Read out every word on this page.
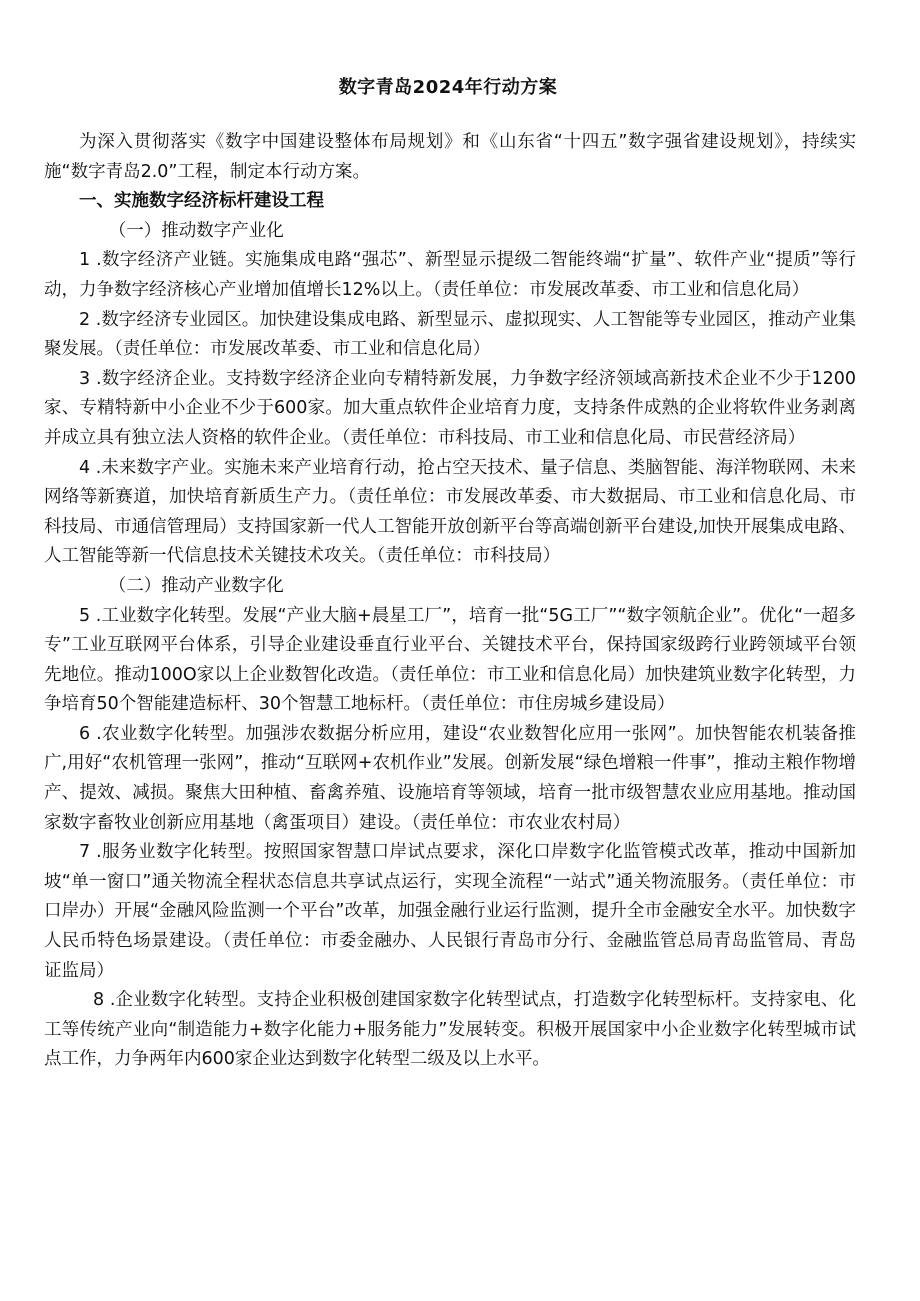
数字青岛2024年行动方案

为深入贯彻落实《数字中国建设整体布局规划》和《山东省“十四五”数字强省建设规划》，持续实施“数字青岛2.0”工程，制定本行动方案。

一、实施数字经济标杆建设工程

（一）推动数字产业化

1 .数字经济产业链。实施集成电路“强芯”、新型显示提级二智能终端“扩量”、软件产业“提质”等行动，力争数字经济核心产业增加值增长12%以上。（责任单位：市发展改革委、市工业和信息化局）

2 .数字经济专业园区。加快建设集成电路、新型显示、虚拟现实、人工智能等专业园区，推动产业集聚发展。（责任单位：市发展改革委、市工业和信息化局）

3 .数字经济企业。支持数字经济企业向专精特新发展，力争数字经济领域高新技术企业不少于1200家、专精特新中小企业不少于600家。加大重点软件企业培育力度，支持条件成熟的企业将软件业务剥离并成立具有独立法人资格的软件企业。（责任单位：市科技局、市工业和信息化局、市民营经济局）

4 .未来数字产业。实施未来产业培育行动，抢占空天技术、量子信息、类脑智能、海洋物联网、未来网络等新赛道，加快培育新质生产力。（责任单位：市发展改革委、市大数据局、市工业和信息化局、市科技局、市通信管理局）支持国家新一代人工智能开放创新平台等高端创新平台建设,加快开展集成电路、人工智能等新一代信息技术关键技术攻关。（责任单位：市科技局）

（二）推动产业数字化

5 .工业数字化转型。发展“产业大脑+晨星工厂”，培育一批“5G工厂”“数字领航企业”。优化“一超多专”工业互联网平台体系，引导企业建设垂直行业平台、关键技术平台，保持国家级跨行业跨领域平台领先地位。推动100O家以上企业数智化改造。（责任单位：市工业和信息化局）加快建筑业数字化转型，力争培育50个智能建造标杆、30个智慧工地标杆。（责任单位：市住房城乡建设局）

6 .农业数字化转型。加强涉农数据分析应用，建设“农业数智化应用一张网”。加快智能农机装备推广,用好“农机管理一张网”，推动“互联网+农机作业”发展。创新发展“绿色增粮一件事”，推动主粮作物增产、提效、减损。聚焦大田种植、畜禽养殖、设施培育等领域，培育一批市级智慧农业应用基地。推动国家数字畜牧业创新应用基地（禽蛋项目）建设。（责任单位：市农业农村局）

7 .服务业数字化转型。按照国家智慧口岸试点要求，深化口岸数字化监管模式改革，推动中国新加坡“单一窗口”通关物流全程状态信息共享试点运行，实现全流程“一站式”通关物流服务。（责任单位：市口岸办）开展“金融风险监测一个平台”改革，加强金融行业运行监测，提升全市金融安全水平。加快数字人民币特色场景建设。（责任单位：市委金融办、人民银行青岛市分行、金融监管总局青岛监管局、青岛证监局）

8 .企业数字化转型。支持企业积极创建国家数字化转型试点，打造数字化转型标杆。支持家电、化工等传统产业向“制造能力+数字化能力+服务能力”发展转变。积极开展国家中小企业数字化转型城市试点工作，力争两年内600家企业达到数字化转型二级及以上水平。
